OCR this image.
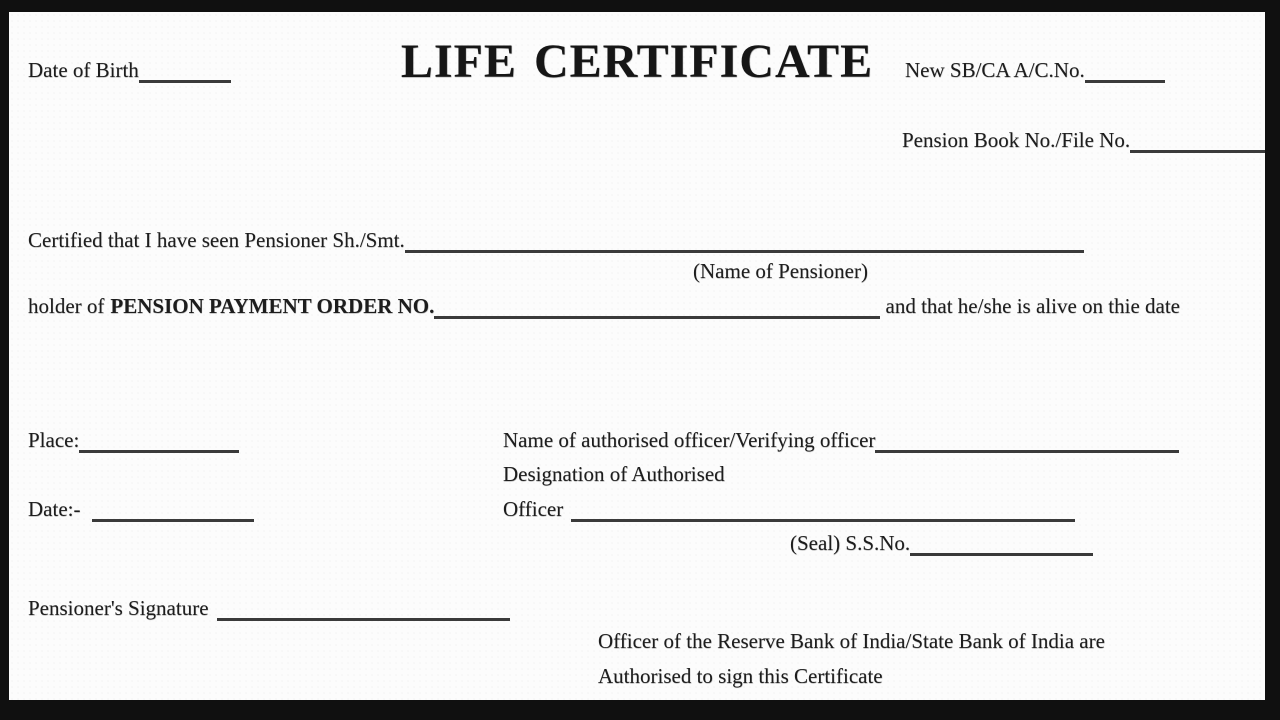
Date of Birth	LIFE CERTIFICATE	New SB/CA A/C.No.
Pension Book No./File No.
Certified that I have seen Pensioner Sh./Smt.
(Name of Pensioner)
holder of PENSION PAYMENT ORDER NO.	and that he/she is alive on thie date
Place:	Name of authorised officer/Verifying officer
Designation of Authorised
Date:-	Officer
(Seal) S.S.No.
Pensioner's Signature
Officer of the Reserve Bank of India/State Bank of India are
Authorised to sign this Certificate
